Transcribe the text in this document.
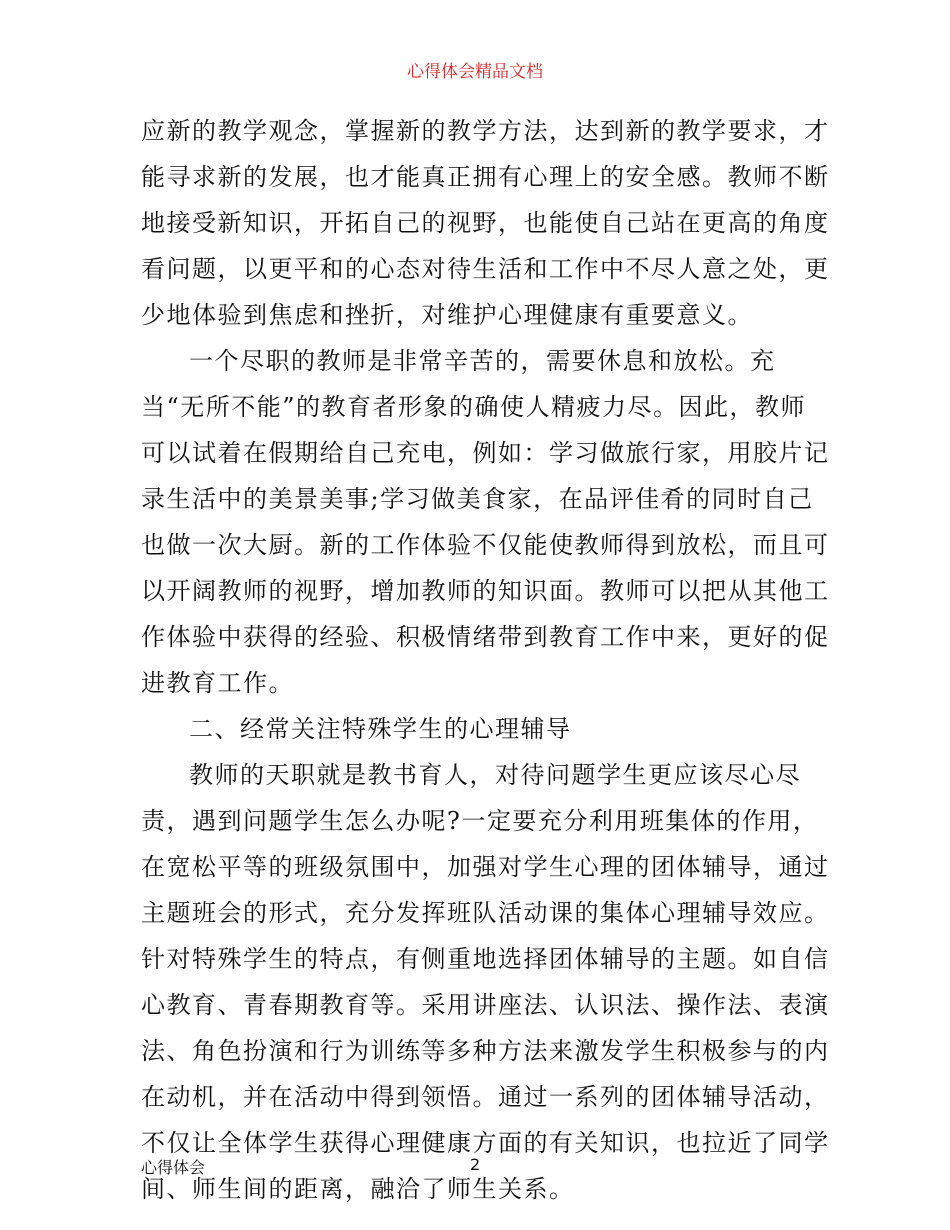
心得体会精品文档
应新的教学观念，掌握新的教学方法，达到新的教学要求，才
能寻求新的发展，也才能真正拥有心理上的安全感。教师不断
地接受新知识，开拓自己的视野，也能使自己站在更高的角度
看问题，以更平和的心态对待生活和工作中不尽人意之处，更
少地体验到焦虑和挫折，对维护心理健康有重要意义。
一个尽职的教师是非常辛苦的，需要休息和放松。充
当“无所不能”的教育者形象的确使人精疲力尽。因此，教师
可以试着在假期给自己充电，例如：学习做旅行家，用胶片记
录生活中的美景美事;学习做美食家，在品评佳肴的同时自己
也做一次大厨。新的工作体验不仅能使教师得到放松，而且可
以开阔教师的视野，增加教师的知识面。教师可以把从其他工
作体验中获得的经验、积极情绪带到教育工作中来，更好的促
进教育工作。
二、经常关注特殊学生的心理辅导
教师的天职就是教书育人，对待问题学生更应该尽心尽
责，遇到问题学生怎么办呢?一定要充分利用班集体的作用，
在宽松平等的班级氛围中，加强对学生心理的团体辅导，通过
主题班会的形式，充分发挥班队活动课的集体心理辅导效应。
针对特殊学生的特点，有侧重地选择团体辅导的主题。如自信
心教育、青春期教育等。采用讲座法、认识法、操作法、表演
法、角色扮演和行为训练等多种方法来激发学生积极参与的内
在动机，并在活动中得到领悟。通过一系列的团体辅导活动，
不仅让全体学生获得心理健康方面的有关知识，也拉近了同学
间、师生间的距离，融洽了师生关系。
心得体会	2
